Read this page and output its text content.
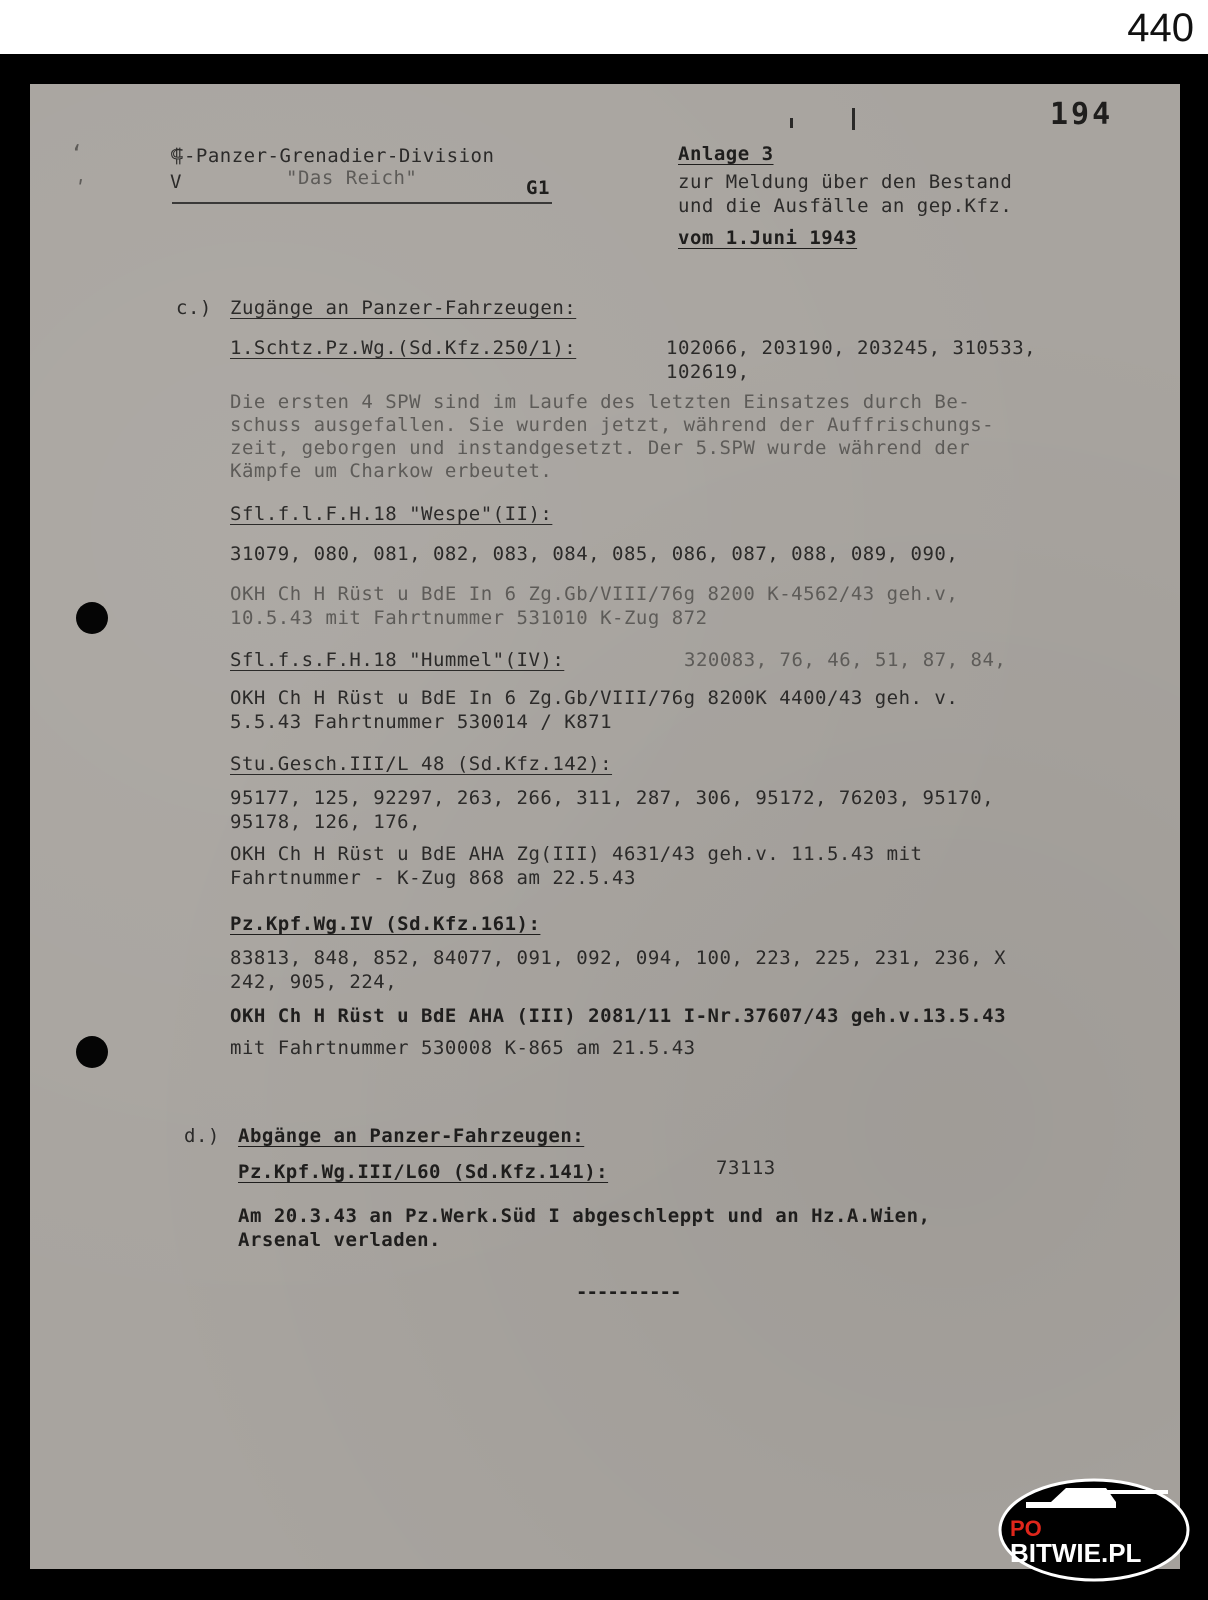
440
ʻ
ʹ
194
⸿-Panzer-Grenadier-Division
V	"Das Reich"	G1
Anlage 3
zur Meldung über den Bestand
und die Ausfälle an gep.Kfz.
vom 1.Juni 1943
c.) Zugänge an Panzer-Fahrzeugen:
1.Schtz.Pz.Wg.(Sd.Kfz.250/1):	102066, 203190, 203245, 310533,
102619,
Die ersten 4 SPW sind im Laufe des letzten Einsatzes durch Be-
schuss ausgefallen. Sie wurden jetzt, während der Auffrischungs-
zeit, geborgen und instandgesetzt. Der 5.SPW wurde während der
Kämpfe um Charkow erbeutet.
Sfl.f.l.F.H.18 "Wespe"(II):
31079, 080, 081, 082, 083, 084, 085, 086, 087, 088, 089, 090,
OKH Ch H Rüst u BdE In 6 Zg.Gb/VIII/76g 8200 K-4562/43 geh.v,
10.5.43 mit Fahrtnummer 531010 K-Zug 872
Sfl.f.s.F.H.18 "Hummel"(IV):	320083, 76, 46, 51, 87, 84,
OKH Ch H Rüst u BdE In 6 Zg.Gb/VIII/76g 8200K 4400/43 geh. v.
5.5.43 Fahrtnummer 530014 / K871
Stu.Gesch.III/L 48 (Sd.Kfz.142):
95177, 125, 92297, 263, 266, 311, 287, 306, 95172, 76203, 95170,
95178, 126, 176,
OKH Ch H Rüst u BdE AHA Zg(III) 4631/43 geh.v. 11.5.43 mit
Fahrtnummer - K-Zug 868 am 22.5.43
Pz.Kpf.Wg.IV (Sd.Kfz.161):
83813, 848, 852, 84077, 091, 092, 094, 100, 223, 225, 231, 236, X
242, 905, 224,
OKH Ch H Rüst u BdE AHA (III) 2081/11 I-Nr.37607/43 geh.v.13.5.43
mit Fahrtnummer 530008 K-865 am 21.5.43
d.) Abgänge an Panzer-Fahrzeugen:
Pz.Kpf.Wg.III/L60 (Sd.Kfz.141):	73113
Am 20.3.43 an Pz.Werk.Süd I abgeschleppt und an Hz.A.Wien,
Arsenal verladen.
----------
PO
BITWIE.PL
